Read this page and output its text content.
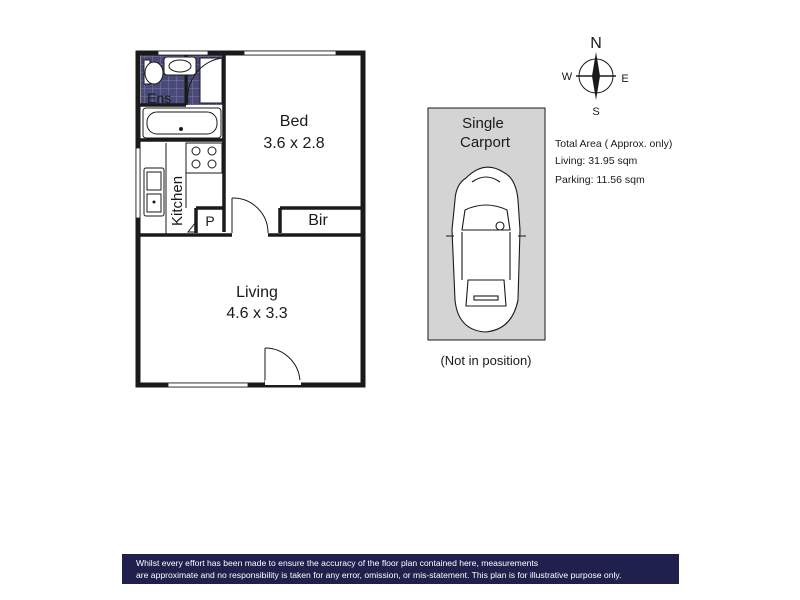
Ens
Bed
3.6 x 2.8
Kitchen P	Bir
Living
4.6 x 3.3
Single
Carport
(Not in position)
N
S
E
W
Total Area ( Approx. only)
Living: 31.95 sqm
Parking: 11.56 sqm
Whilst every effort has been made to ensure the accuracy of the floor plan contained here, measurements
are approximate and no responsibility is taken for any error, omission, or mis-statement. This plan is for illustrative purpose only.
